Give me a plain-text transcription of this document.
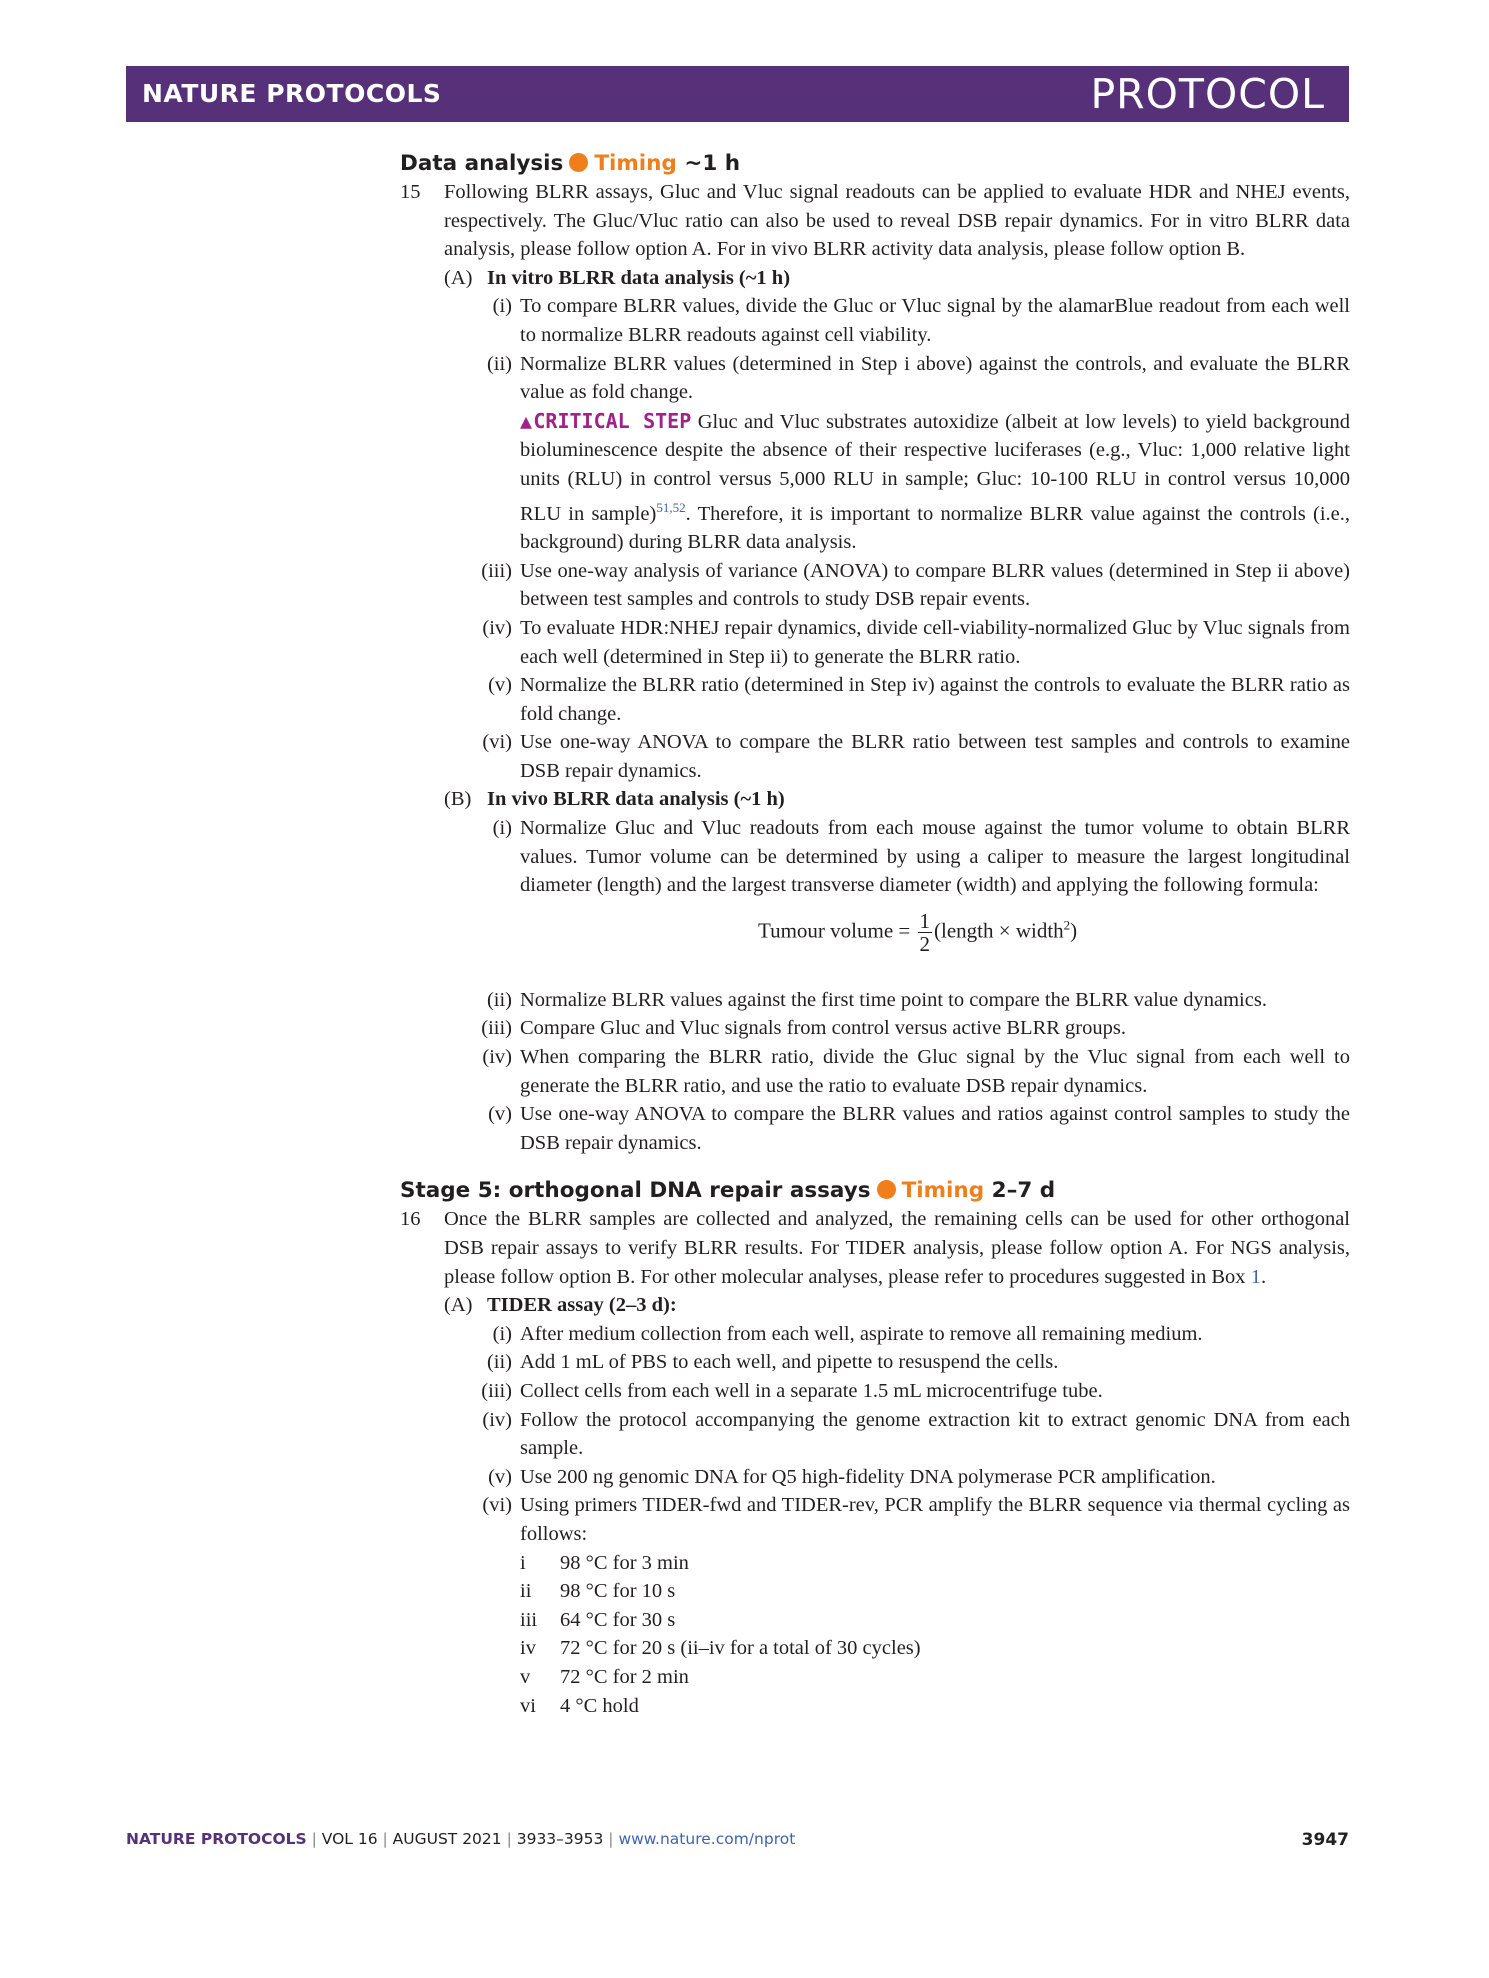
NATURE PROTOCOLS	PROTOCOL
Data analysis Timing ~1 h
15 Following BLRR assays, Gluc and Vluc signal readouts can be applied to evaluate HDR and NHEJ events, respectively. The Gluc/Vluc ratio can also be used to reveal DSB repair dynamics. For in vitro BLRR data analysis, please follow option A. For in vivo BLRR activity data analysis, please follow option B.
(A) In vitro BLRR data analysis (~1 h)
(i) To compare BLRR values, divide the Gluc or Vluc signal by the alamarBlue readout from each well to normalize BLRR readouts against cell viability.
(ii) Normalize BLRR values (determined in Step i above) against the controls, and evaluate the BLRR value as fold change.
▲CRITICAL STEP Gluc and Vluc substrates autoxidize (albeit at low levels) to yield background bioluminescence despite the absence of their respective luciferases (e.g., Vluc: 1,000 relative light units (RLU) in control versus 5,000 RLU in sample; Gluc: 10-100 RLU in control versus 10,000 RLU in sample)$^{51,52}$. Therefore, it is important to normalize BLRR value against the controls (i.e., background) during BLRR data analysis.
(iii) Use one-way analysis of variance (ANOVA) to compare BLRR values (determined in Step ii above) between test samples and controls to study DSB repair events.
(iv) To evaluate HDR:NHEJ repair dynamics, divide cell-viability-normalized Gluc by Vluc signals from each well (determined in Step ii) to generate the BLRR ratio.
(v) Normalize the BLRR ratio (determined in Step iv) against the controls to evaluate the BLRR ratio as fold change.
(vi) Use one-way ANOVA to compare the BLRR ratio between test samples and controls to examine DSB repair dynamics.
(B) In vivo BLRR data analysis (~1 h)
(i) Normalize Gluc and Vluc readouts from each mouse against the tumor volume to obtain BLRR values. Tumor volume can be determined by using a caliper to measure the largest longitudinal diameter (length) and the largest transverse diameter (width) and applying the following formula:
Tumour volume = $\frac{1}{2}$ (length × width$^2$)
(ii) Normalize BLRR values against the first time point to compare the BLRR value dynamics.
(iii) Compare Gluc and Vluc signals from control versus active BLRR groups.
(iv) When comparing the BLRR ratio, divide the Gluc signal by the Vluc signal from each well to generate the BLRR ratio, and use the ratio to evaluate DSB repair dynamics.
(v) Use one-way ANOVA to compare the BLRR values and ratios against control samples to study the DSB repair dynamics.
Stage 5: orthogonal DNA repair assays Timing 2–7 d
16 Once the BLRR samples are collected and analyzed, the remaining cells can be used for other orthogonal DSB repair assays to verify BLRR results. For TIDER analysis, please follow option A. For NGS analysis, please follow option B. For other molecular analyses, please refer to procedures suggested in Box 1.
(A) TIDER assay (2–3 d):
(i) After medium collection from each well, aspirate to remove all remaining medium.
(ii) Add 1 mL of PBS to each well, and pipette to resuspend the cells.
(iii) Collect cells from each well in a separate 1.5 mL microcentrifuge tube.
(iv) Follow the protocol accompanying the genome extraction kit to extract genomic DNA from each sample.
(v) Use 200 ng genomic DNA for Q5 high-fidelity DNA polymerase PCR amplification.
(vi) Using primers TIDER-fwd and TIDER-rev, PCR amplify the BLRR sequence via thermal cycling as follows:
i 98 °C for 3 min
ii 98 °C for 10 s
iii 64 °C for 30 s
iv 72 °C for 20 s (ii–iv for a total of 30 cycles)
v 72 °C for 2 min
vi 4 °C hold
NATURE PROTOCOLS | VOL 16 | AUGUST 2021 | 3933–3953 | www.nature.com/nprot	3947
